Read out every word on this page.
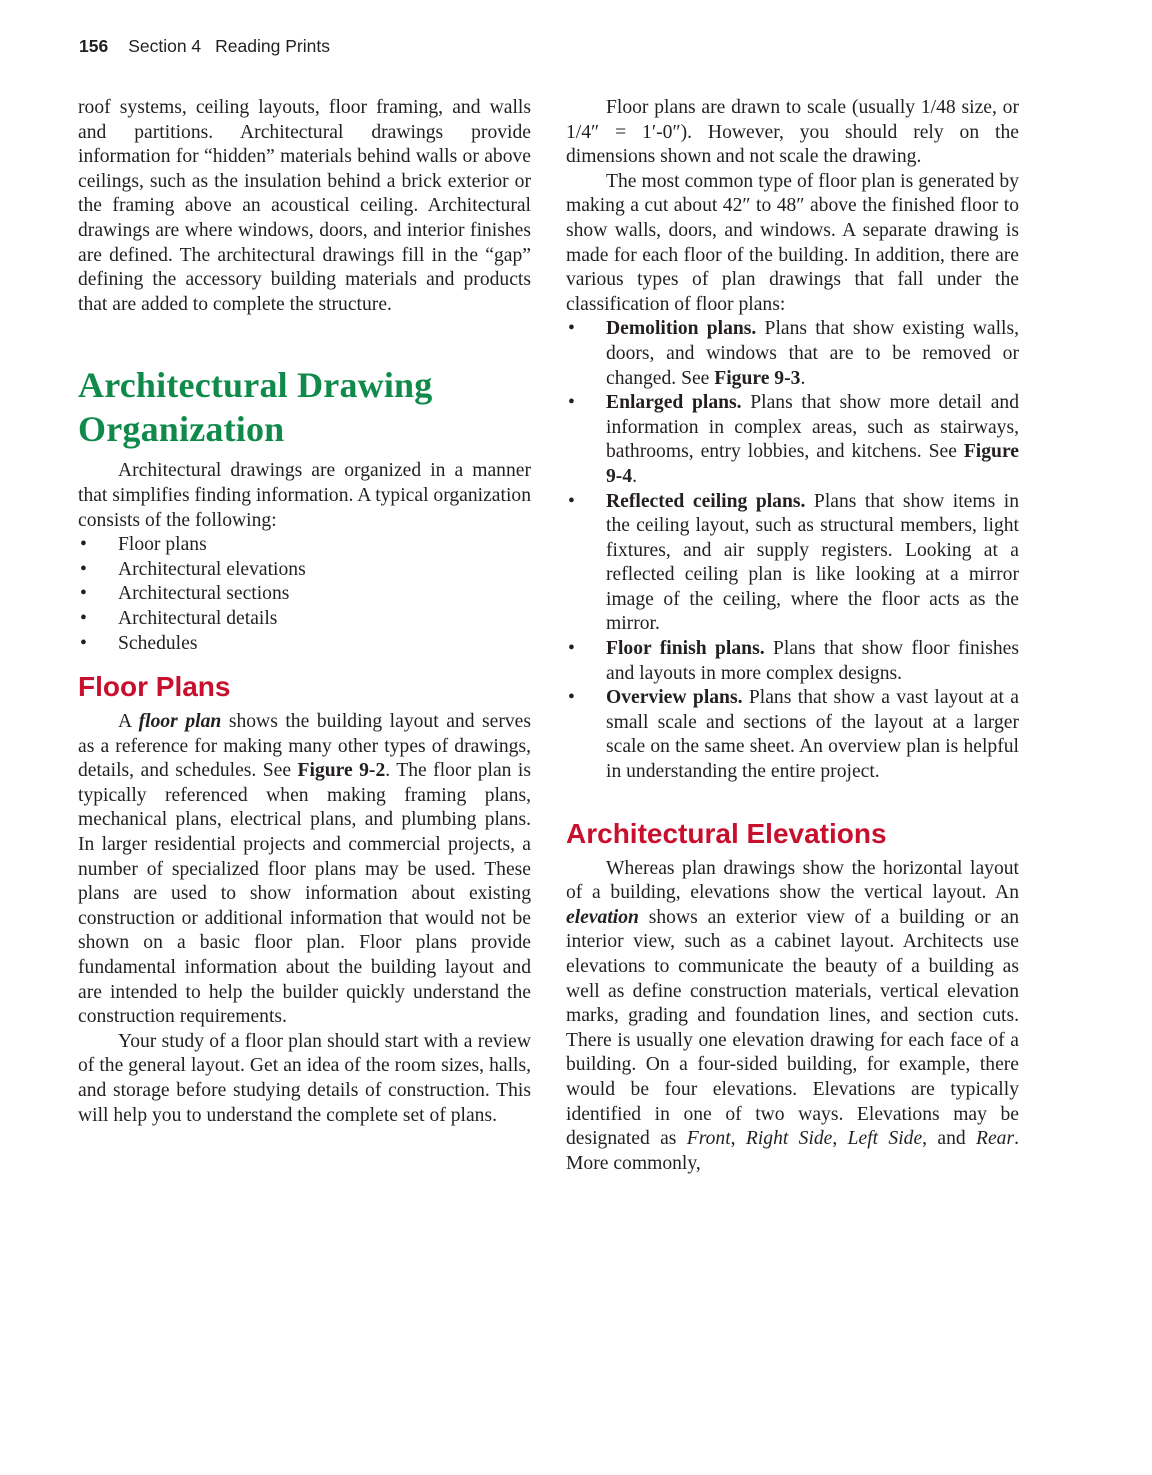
156 Section 4 Reading Prints

roof systems, ceiling layouts, floor framing, and walls and partitions. Architectural drawings provide information for “hidden” materials behind walls or above ceilings, such as the insulation behind a brick exterior or the framing above an acoustical ceiling. Architectural drawings are where windows, doors, and interior finishes are defined. The architectural drawings fill in the “gap” defining the accessory building materials and products that are added to complete the structure.

Architectural Drawing Organization

Architectural drawings are organized in a manner that simplifies finding information. A typical organization consists of the following:

• Floor plans
• Architectural elevations
• Architectural sections
• Architectural details
• Schedules
Floor Plans

A floor plan shows the building layout and serves as a reference for making many other types of drawings, details, and schedules. See Figure 9-2. The floor plan is typically referenced when making framing plans, mechanical plans, electrical plans, and plumbing plans. In larger residential projects and commercial projects, a number of specialized floor plans may be used. These plans are used to show information about existing construction or additional information that would not be shown on a basic floor plan. Floor plans provide fundamental information about the building layout and are intended to help the builder quickly understand the construction requirements.

Your study of a floor plan should start with a review of the general layout. Get an idea of the room sizes, halls, and storage before studying details of construction. This will help you to understand the complete set of plans.

Floor plans are drawn to scale (usually 1/48 size, or 1/4″ = 1′-0″). However, you should rely on the dimensions shown and not scale the drawing.

The most common type of floor plan is generated by making a cut about 42″ to 48″ above the finished floor to show walls, doors, and windows. A separate drawing is made for each floor of the building. In addition, there are various types of plan drawings that fall under the classification of floor plans:

• Demolition plans. Plans that show existing walls, doors, and windows that are to be removed or changed. See Figure 9-3.
• Enlarged plans. Plans that show more detail and information in complex areas, such as stairways, bathrooms, entry lobbies, and kitchens. See Figure 9-4.
• Reflected ceiling plans. Plans that show items in the ceiling layout, such as structural members, light fixtures, and air supply registers. Looking at a reflected ceiling plan is like looking at a mirror image of the ceiling, where the floor acts as the mirror.
• Floor finish plans. Plans that show floor finishes and layouts in more complex designs.
• Overview plans. Plans that show a vast layout at a small scale and sections of the layout at a larger scale on the same sheet. An overview plan is helpful in understanding the entire project.
Architectural Elevations

Whereas plan drawings show the horizontal layout of a building, elevations show the vertical layout. An elevation shows an exterior view of a building or an interior view, such as a cabinet layout. Architects use elevations to communicate the beauty of a building as well as define construction materials, vertical elevation marks, grading and foundation lines, and section cuts. There is usually one elevation drawing for each face of a building. On a four-sided building, for example, there would be four elevations. Elevations are typically identified in one of two ways. Elevations may be designated as Front, Right Side, Left Side, and Rear. More commonly,
